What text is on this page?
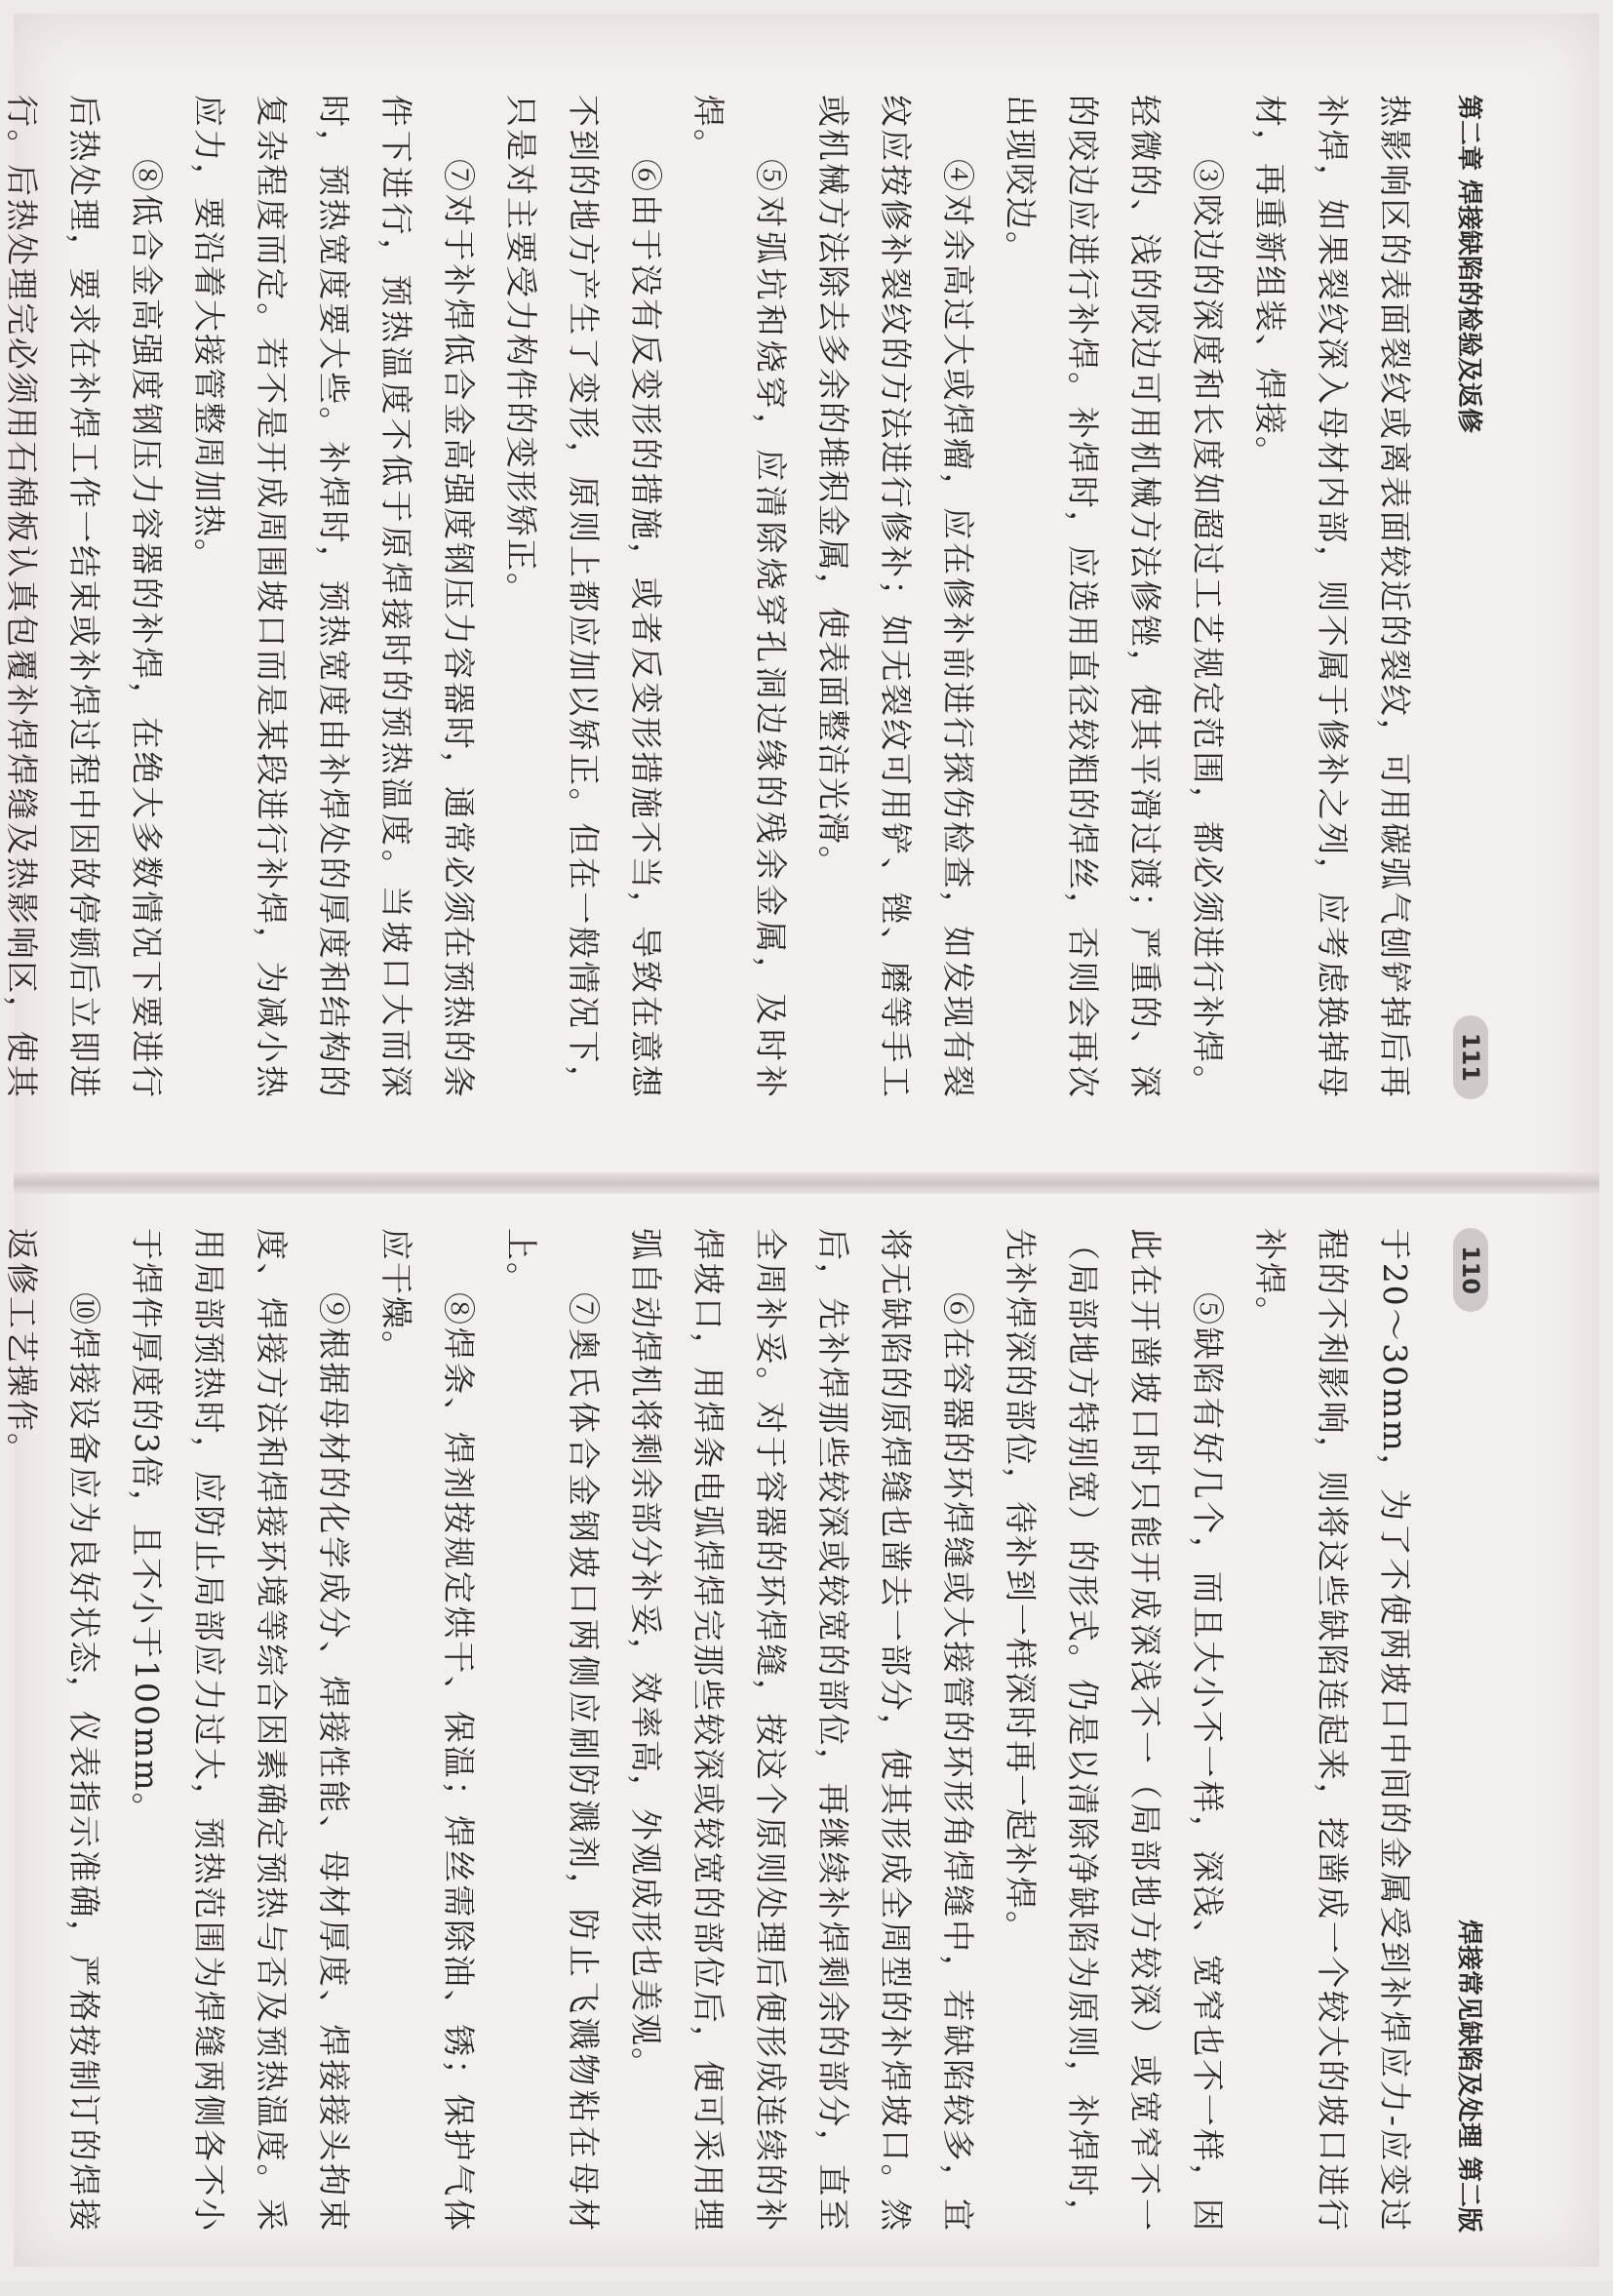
第二章 焊接缺陷的检验及返修
111

热影响区的表面裂纹或离表面较近的裂纹，可用碳弧气刨铲掉后再补焊，如果裂纹深入母材内部，则不属于修补之列，应考虑换掉母材，再重新组装、焊接。

③咬边的深度和长度如超过工艺规定范围，都必须进行补焊。轻微的、浅的咬边可用机械方法修锉，使其平滑过渡；严重的、深的咬边应进行补焊。补焊时，应选用直径较粗的焊丝，否则会再次出现咬边。

④对余高过大或焊瘤，应在修补前进行探伤检查，如发现有裂纹应按修补裂纹的方法进行修补；如无裂纹可用铲、锉、磨等手工或机械方法除去多余的堆积金属，使表面整洁光滑。

⑤对弧坑和烧穿，应清除烧穿孔洞边缘的残余金属，及时补焊。

⑥由于没有反变形的措施，或者反变形措施不当，导致在意想不到的地方产生了变形，原则上都应加以矫正。但在一般情况下，只是对主要受力构件的变形矫正。

⑦对于补焊低合金高强度钢压力容器时，通常必须在预热的条件下进行，预热温度不低于原焊接时的预热温度。当坡口大而深时，预热宽度要大些。补焊时，预热宽度由补焊处的厚度和结构的复杂程度而定。若不是开成周围坡口而是某段进行补焊，为减小热应力，要沿着大接管整周加热。

⑧低合金高强度钢压力容器的补焊，在绝大多数情况下要进行后热处理，要求在补焊工作一结束或补焊过程中因故停顿后立即进行。后热处理完必须用石棉板认真包覆补焊焊缝及热影响区，使其

110
焊接常见缺陷及处理 第二版

于20～30mm，为了不使两坡口中间的金属受到补焊应力-应变过程的不利影响，则将这些缺陷连起来，挖凿成一个较大的坡口进行补焊。

⑤缺陷有好几个，而且大小不一样，深浅、宽窄也不一样，因此在开凿坡口时只能开成深浅不一（局部地方较深）或宽窄不一（局部地方特别宽）的形式。仍是以清除净缺陷为原则，补焊时，先补焊深的部位，待补到一样深时再一起补焊。

⑥在容器的环焊缝或大接管的环形角焊缝中，若缺陷较多，宜将无缺陷的原焊缝也凿去一部分，使其形成全周型的补焊坡口。然后，先补焊那些较深或较宽的部位，再继续补焊剩余的部分，直至全周补妥。对于容器的环焊缝，按这个原则处理后便形成连续的补焊坡口，用焊条电弧焊焊完那些较深或较宽的部位后，便可采用埋弧自动焊机将剩余部分补妥，效率高，外观成形也美观。

⑦奥氏体合金钢坡口两侧应刷防溅剂，防止飞溅物粘在母材上。

⑧焊条、焊剂按规定烘干、保温；焊丝需除油、锈；保护气体应干燥。

⑨根据母材的化学成分、焊接性能、母材厚度、焊接接头拘束度、焊接方法和焊接环境等综合因素确定预热与否及预热温度。采用局部预热时，应防止局部应力过大，预热范围为焊缝两侧各不小于焊件厚度的3倍，且不小于100mm。

⑩焊接设备应为良好状态，仪表指示准确，严格按制订的焊接返修工艺操作。
